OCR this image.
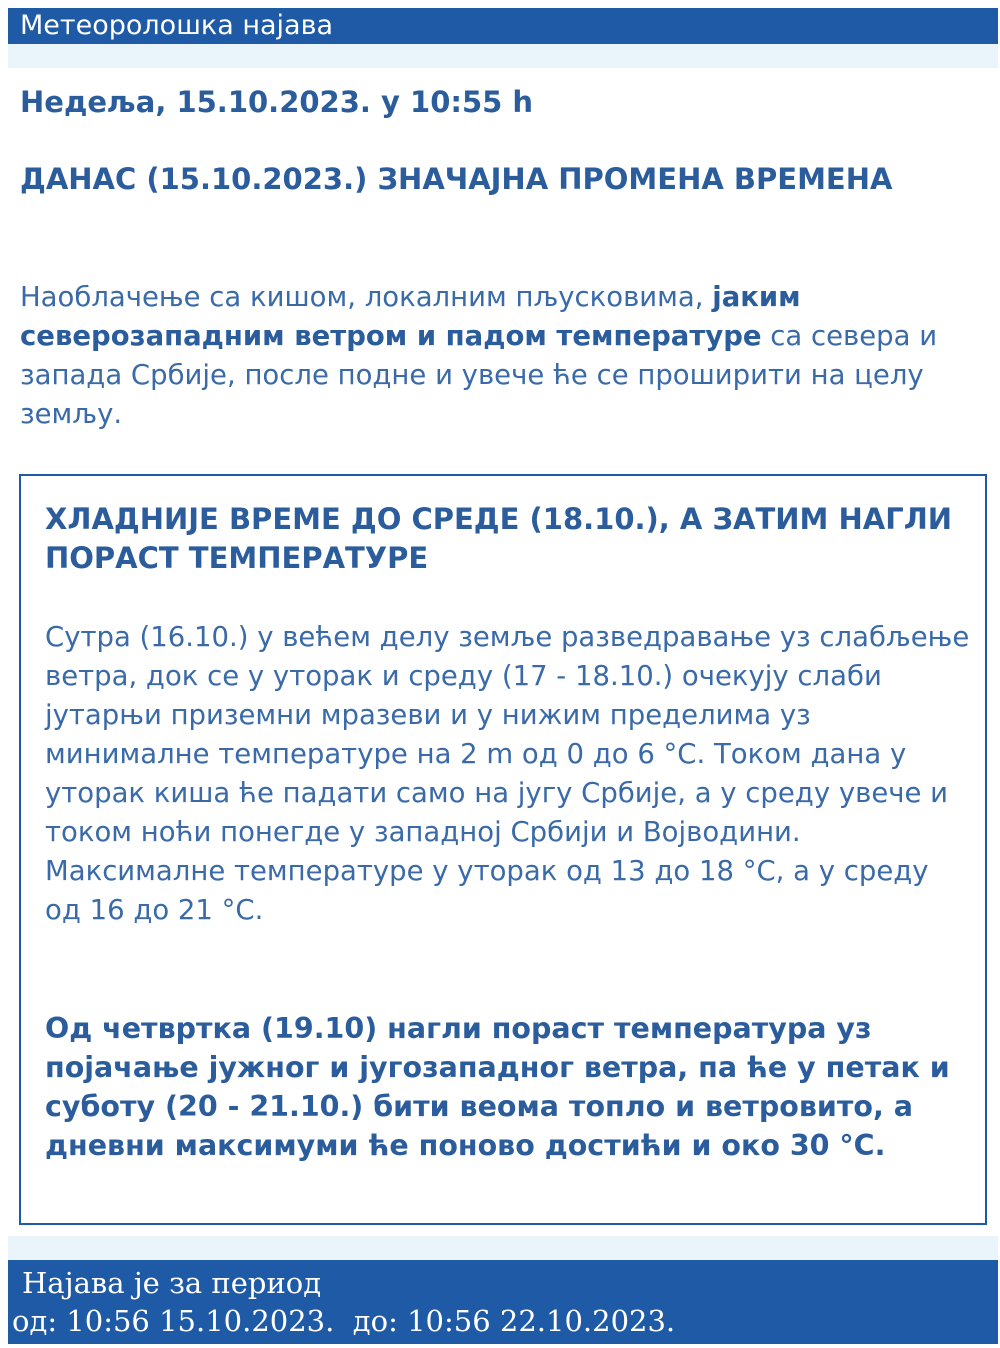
Метеоролошка најава
Недеља, 15.10.2023. у 10:55 h
ДАНАС (15.10.2023.) ЗНАЧАЈНА ПРОМЕНА ВРЕМЕНА
Наоблачење са кишом, локалним пљусковима, јаким северозападним ветром и падом температуре са севера и запада Србије, после подне и увече ће се проширити на целу земљу.
ХЛАДНИЈЕ ВРЕМЕ ДО СРЕДЕ (18.10.), А ЗАТИМ НАГЛИ ПОРАСТ ТЕМПЕРАТУРЕ
Сутра (16.10.) у већем делу земље разведравање уз слабљење ветра, док се у уторак и среду (17 - 18.10.) очекују слаби јутарњи приземни мразеви и у нижим пределима уз минималне температуре на 2 m од 0 до 6 °C. Током дана у уторак киша ће падати само на југу Србије, а у среду увече и током ноћи понегде у западној Србији и Војводини. Максималне температуре у уторак од 13 до 18 °C, а у среду од 16 до 21 °C.
Од четвртка (19.10) нагли пораст температура уз појачање јужног и југозападног ветра, па ће у петак и суботу (20 - 21.10.) бити веома топло и ветровито, а дневни максимуми ће поново достићи и око 30 °C.
Најава је за период
од: 10:56 15.10.2023.  до: 10:56 22.10.2023.
